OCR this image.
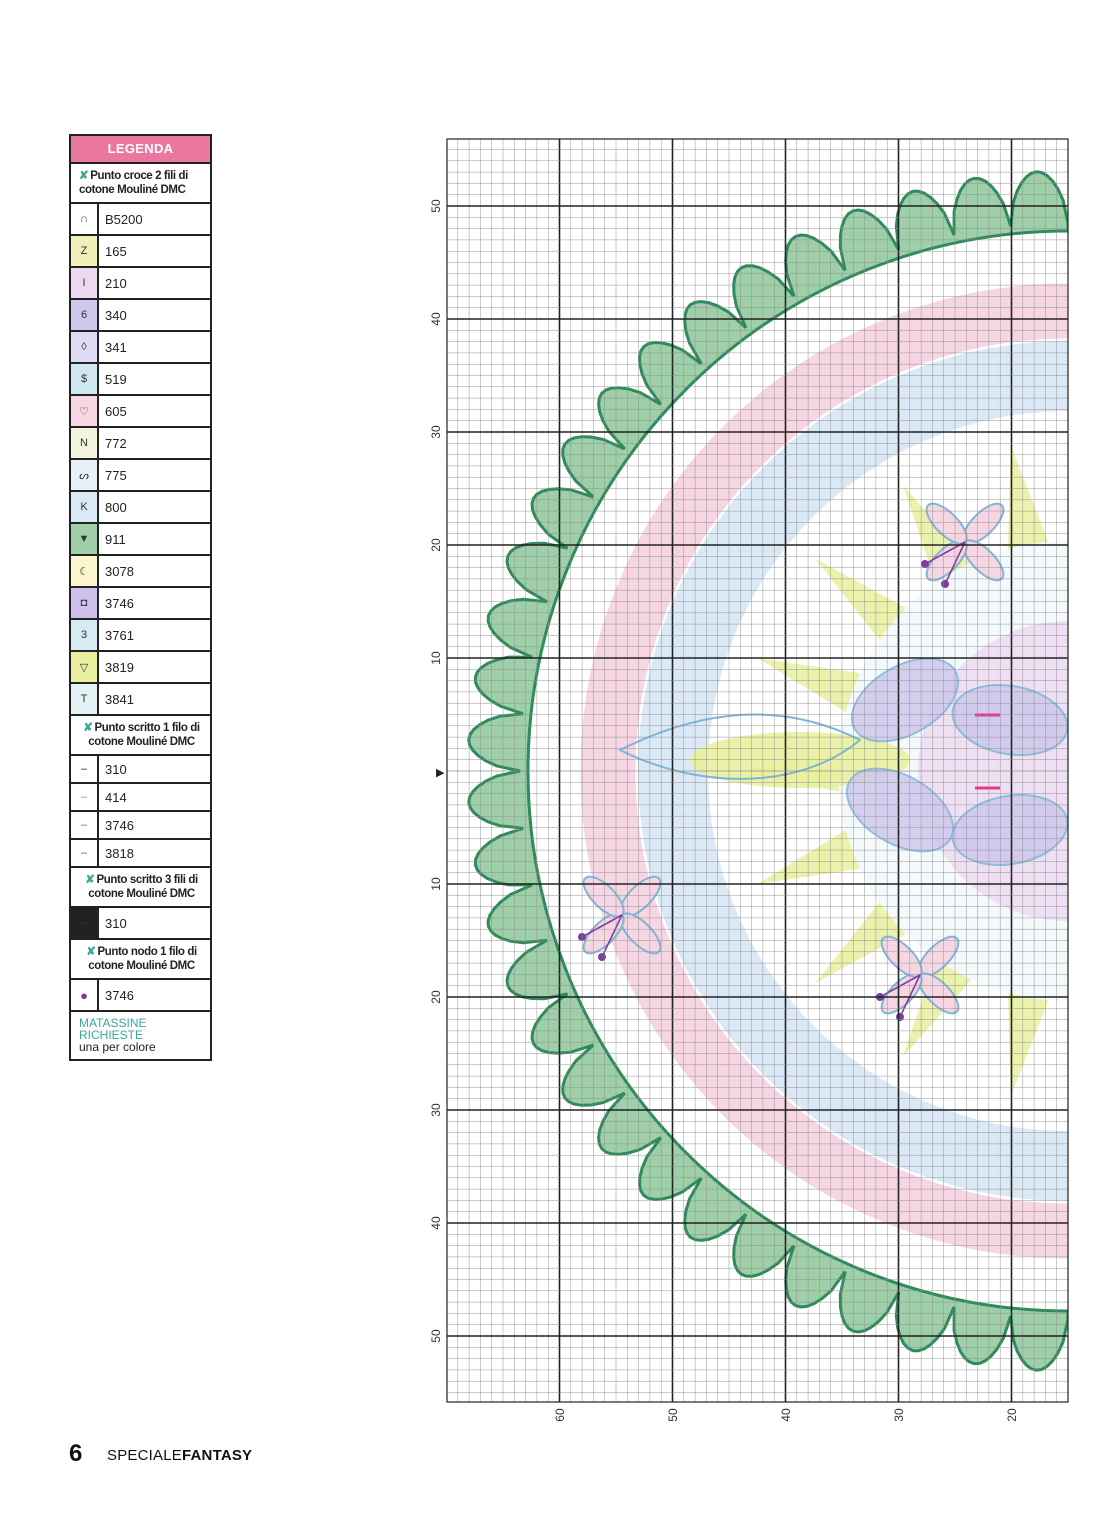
LEGENDA
✘ Punto croce 2 fili di cotone Mouliné DMC
∩	B5200
Z	165
I	210
6	340
◊	341
$	519
♡	605
N	772
ᔕ	775
K	800
▼	911
☾	3078
◘	3746
3	3761
▽	3819
T	3841
✘ Punto scritto 1 filo di cotone Mouliné DMC
–	310
–	414
–	3746
–	3818
✘ Punto scritto 3 fili di cotone Mouliné DMC
–	310
✘ Punto nodo 1 filo di cotone Mouliné DMC
●	3746
MATASSINE RICHIESTE
una per colore
50
40
30
20
10
10
20
30
40
50
60	50	40	30	20
▶
6 SPECIALEFANTASY
